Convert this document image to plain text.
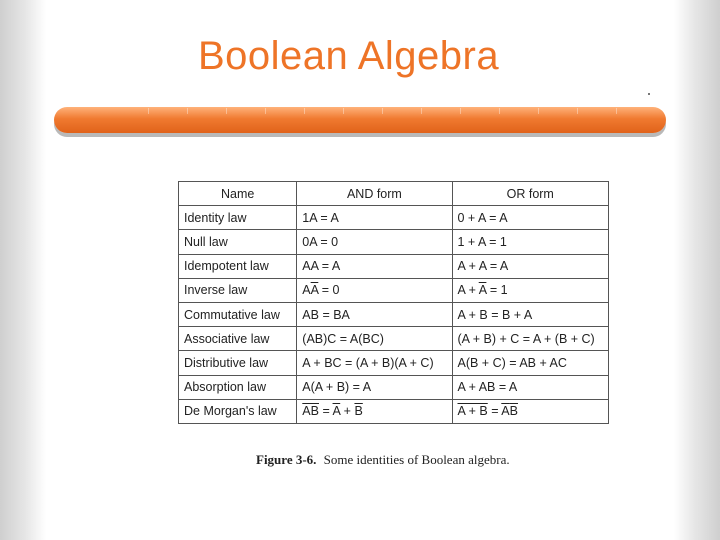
Boolean Algebra
Name	AND form	OR form
Identity law	1A = A	0 + A = A
Null law	0A = 0	1 + A = 1
Idempotent law	AA = A	A + A = A
Inverse law	$A\overline{A} = 0$	$A + \overline{A} = 1$
Commutative law	AB = BA	A + B = B + A
Associative law	(AB)C = A(BC)	(A + B) + C = A + (B + C)
Distributive law	A + BC = (A + B)(A + C)	A(B + C) = AB + AC
Absorption law	A(A + B) = A	A + AB = A
De Morgan's law	$\overline{AB} = \overline{A} + \overline{B}$	$A + B = \overline{A}\overline{B}$
Figure 3-6. Some identities of Boolean algebra.
